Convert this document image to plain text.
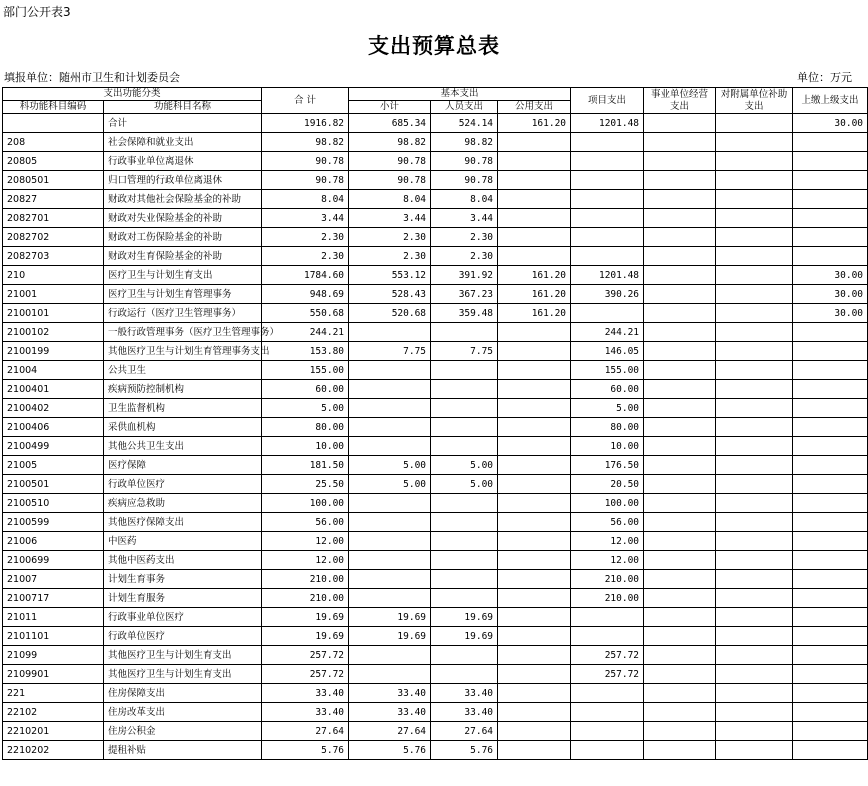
部门公开表3
支出预算总表
填报单位：随州市卫生和计划委员会	单位：万元
支出功能分类		合 计	基本支出			项目支出	事业单位经营支出	对附属单位补助支出	上缴上级支出
科功能科目编码	功能科目名称		小计	人员支出	公用支出				
	合计	1916.82	685.34	524.14	161.20	1201.48			30.00
208	社会保障和就业支出	98.82	98.82	98.82					
20805	行政事业单位离退休	90.78	90.78	90.78					
2080501	归口管理的行政单位离退休	90.78	90.78	90.78					
20827	财政对其他社会保险基金的补助	8.04	8.04	8.04					
2082701	财政对失业保险基金的补助	3.44	3.44	3.44					
2082702	财政对工伤保险基金的补助	2.30	2.30	2.30					
2082703	财政对生育保险基金的补助	2.30	2.30	2.30					
210	医疗卫生与计划生育支出	1784.60	553.12	391.92	161.20	1201.48			30.00
21001	医疗卫生与计划生育管理事务	948.69	528.43	367.23	161.20	390.26			30.00
2100101	行政运行（医疗卫生管理事务）	550.68	520.68	359.48	161.20				30.00
2100102	一般行政管理事务（医疗卫生管理事务）	244.21				244.21			
2100199	其他医疗卫生与计划生育管理事务支出	153.80	7.75	7.75		146.05			
21004	公共卫生	155.00				155.00			
2100401	疾病预防控制机构	60.00				60.00			
2100402	卫生监督机构	5.00				5.00			
2100406	采供血机构	80.00				80.00			
2100499	其他公共卫生支出	10.00				10.00			
21005	医疗保障	181.50	5.00	5.00		176.50			
2100501	行政单位医疗	25.50	5.00	5.00		20.50			
2100510	疾病应急救助	100.00				100.00			
2100599	其他医疗保障支出	56.00				56.00			
21006	中医药	12.00				12.00			
2100699	其他中医药支出	12.00				12.00			
21007	计划生育事务	210.00				210.00			
2100717	计划生育服务	210.00				210.00			
21011	行政事业单位医疗	19.69	19.69	19.69					
2101101	行政单位医疗	19.69	19.69	19.69					
21099	其他医疗卫生与计划生育支出	257.72				257.72			
2109901	其他医疗卫生与计划生育支出	257.72				257.72			
221	住房保障支出	33.40	33.40	33.40					
22102	住房改革支出	33.40	33.40	33.40					
2210201	住房公积金	27.64	27.64	27.64					
2210202	提租补贴	5.76	5.76	5.76					
